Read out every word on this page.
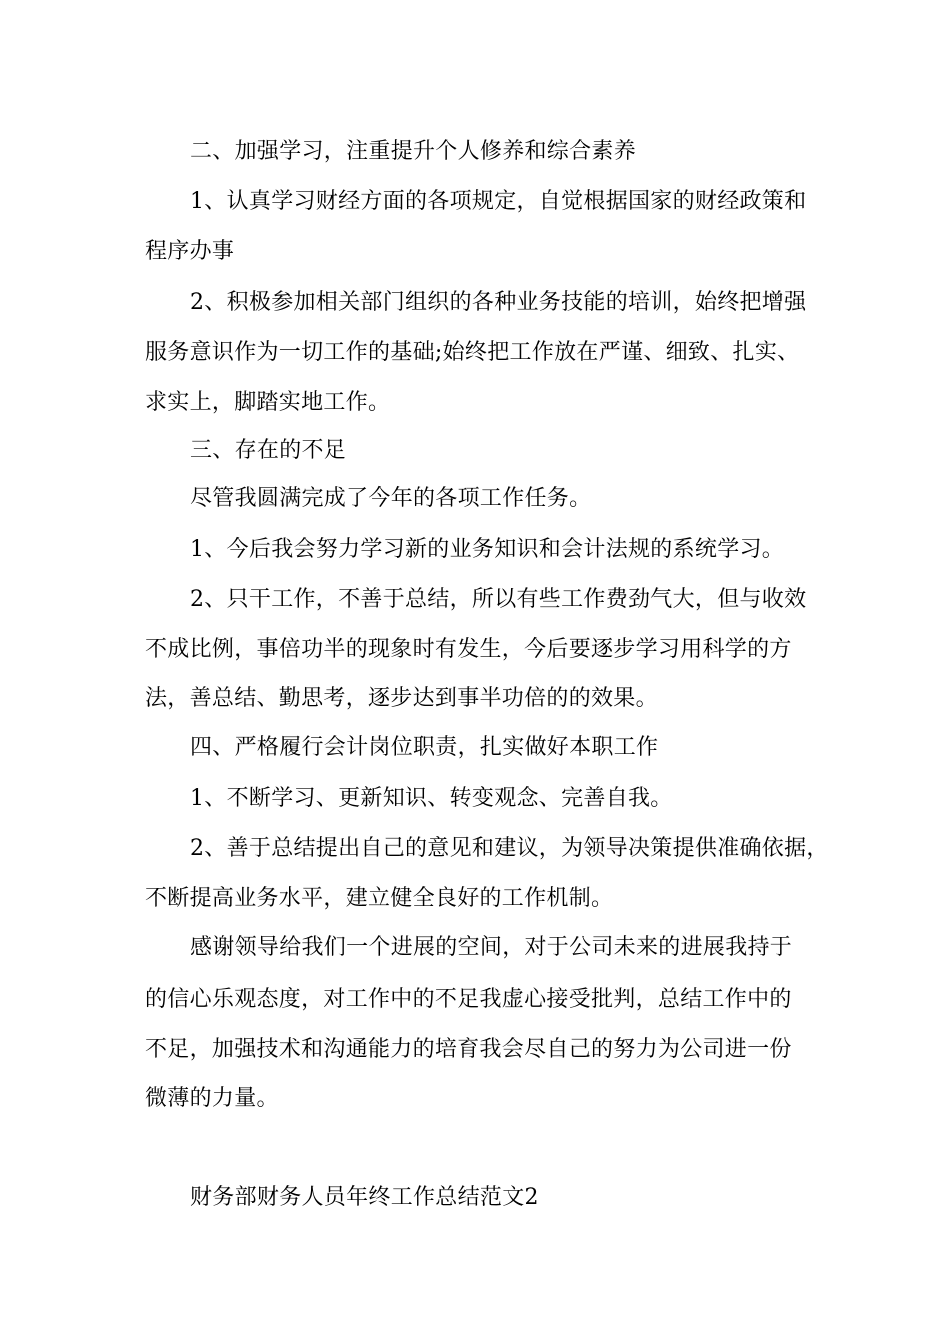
二、加强学习，注重提升个人修养和综合素养
1、认真学习财经方面的各项规定，自觉根据国家的财经政策和
程序办事
2、积极参加相关部门组织的各种业务技能的培训，始终把增强
服务意识作为一切工作的基础;始终把工作放在严谨、细致、扎实、
求实上，脚踏实地工作。
三、存在的不足
尽管我圆满完成了今年的各项工作任务。
1、今后我会努力学习新的业务知识和会计法规的系统学习。
2、只干工作，不善于总结，所以有些工作费劲气大，但与收效
不成比例，事倍功半的现象时有发生，今后要逐步学习用科学的方
法，善总结、勤思考，逐步达到事半功倍的的效果。
四、严格履行会计岗位职责，扎实做好本职工作
1、不断学习、更新知识、转变观念、完善自我。
2、善于总结提出自己的意见和建议，为领导决策提供准确依据，
不断提高业务水平，建立健全良好的工作机制。
感谢领导给我们一个进展的空间，对于公司未来的进展我持于
的信心乐观态度，对工作中的不足我虚心接受批判，总结工作中的
不足，加强技术和沟通能力的培育我会尽自己的努力为公司进一份
微薄的力量。
财务部财务人员年终工作总结范文2
